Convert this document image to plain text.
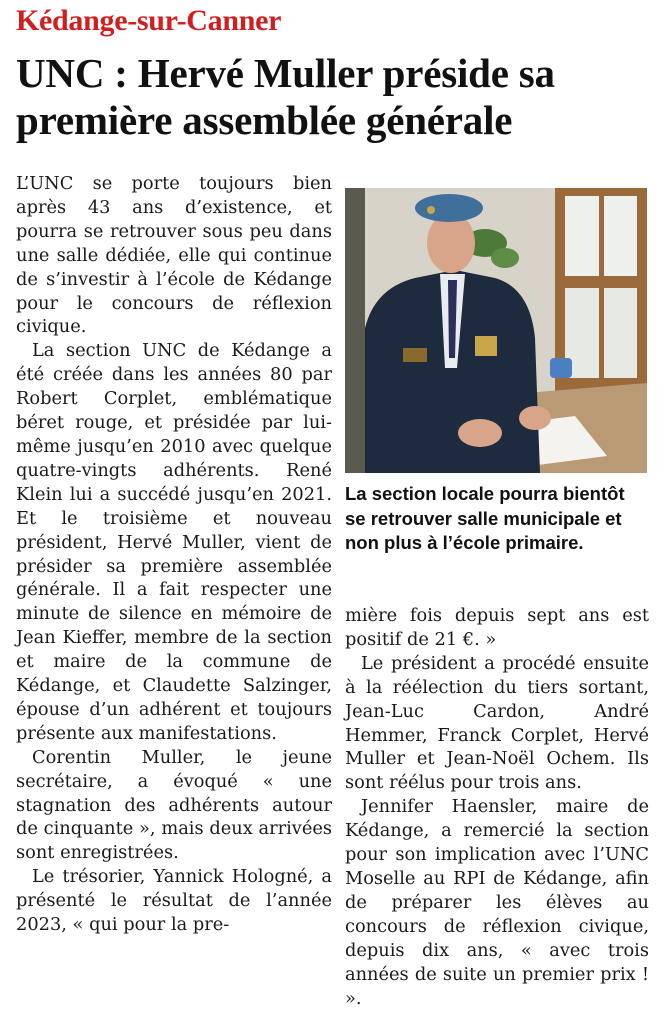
Kédange-sur-Canner
UNC : Hervé Muller préside sa première assemblée générale

L’UNC se porte toujours bien après 43 ans d’existence, et pourra se retrouver sous peu dans une salle dédiée, elle qui continue de s’investir à l’école de Kédange pour le concours de réflexion civique.

La section UNC de Kédange a été créée dans les années 80 par Robert Corplet, emblématique béret rouge, et présidée par lui-même jusqu’en 2010 avec quelque quatre-vingts adhérents. René Klein lui a succédé jusqu’en 2021. Et le troisième et nouveau président, Hervé Muller, vient de présider sa première assemblée générale. Il a fait respecter une minute de silence en mémoire de Jean Kieffer, membre de la section et maire de la commune de Kédange, et Claudette Salzinger, épouse d’un adhérent et toujours présente aux manifestations.

Corentin Muller, le jeune secrétaire, a évoqué « une stagnation des adhérents autour de cinquante », mais deux arrivées sont enregistrées.

Le trésorier, Yannick Hologné, a présenté le résultat de l’année 2023, « qui pour la pre-

La section locale pourra bientôt se retrouver salle municipale et non plus à l’école primaire.

mière fois depuis sept ans est positif de 21 €. »

Le président a procédé ensuite à la réélection du tiers sortant, Jean-Luc Cardon, André Hemmer, Franck Corplet, Hervé Muller et Jean-Noël Ochem. Ils sont réélus pour trois ans.

Jennifer Haensler, maire de Kédange, a remercié la section pour son implication avec l’UNC Moselle au RPI de Kédange, afin de préparer les élèves au concours de réflexion civique, depuis dix ans, « avec trois années de suite un premier prix ! ».
